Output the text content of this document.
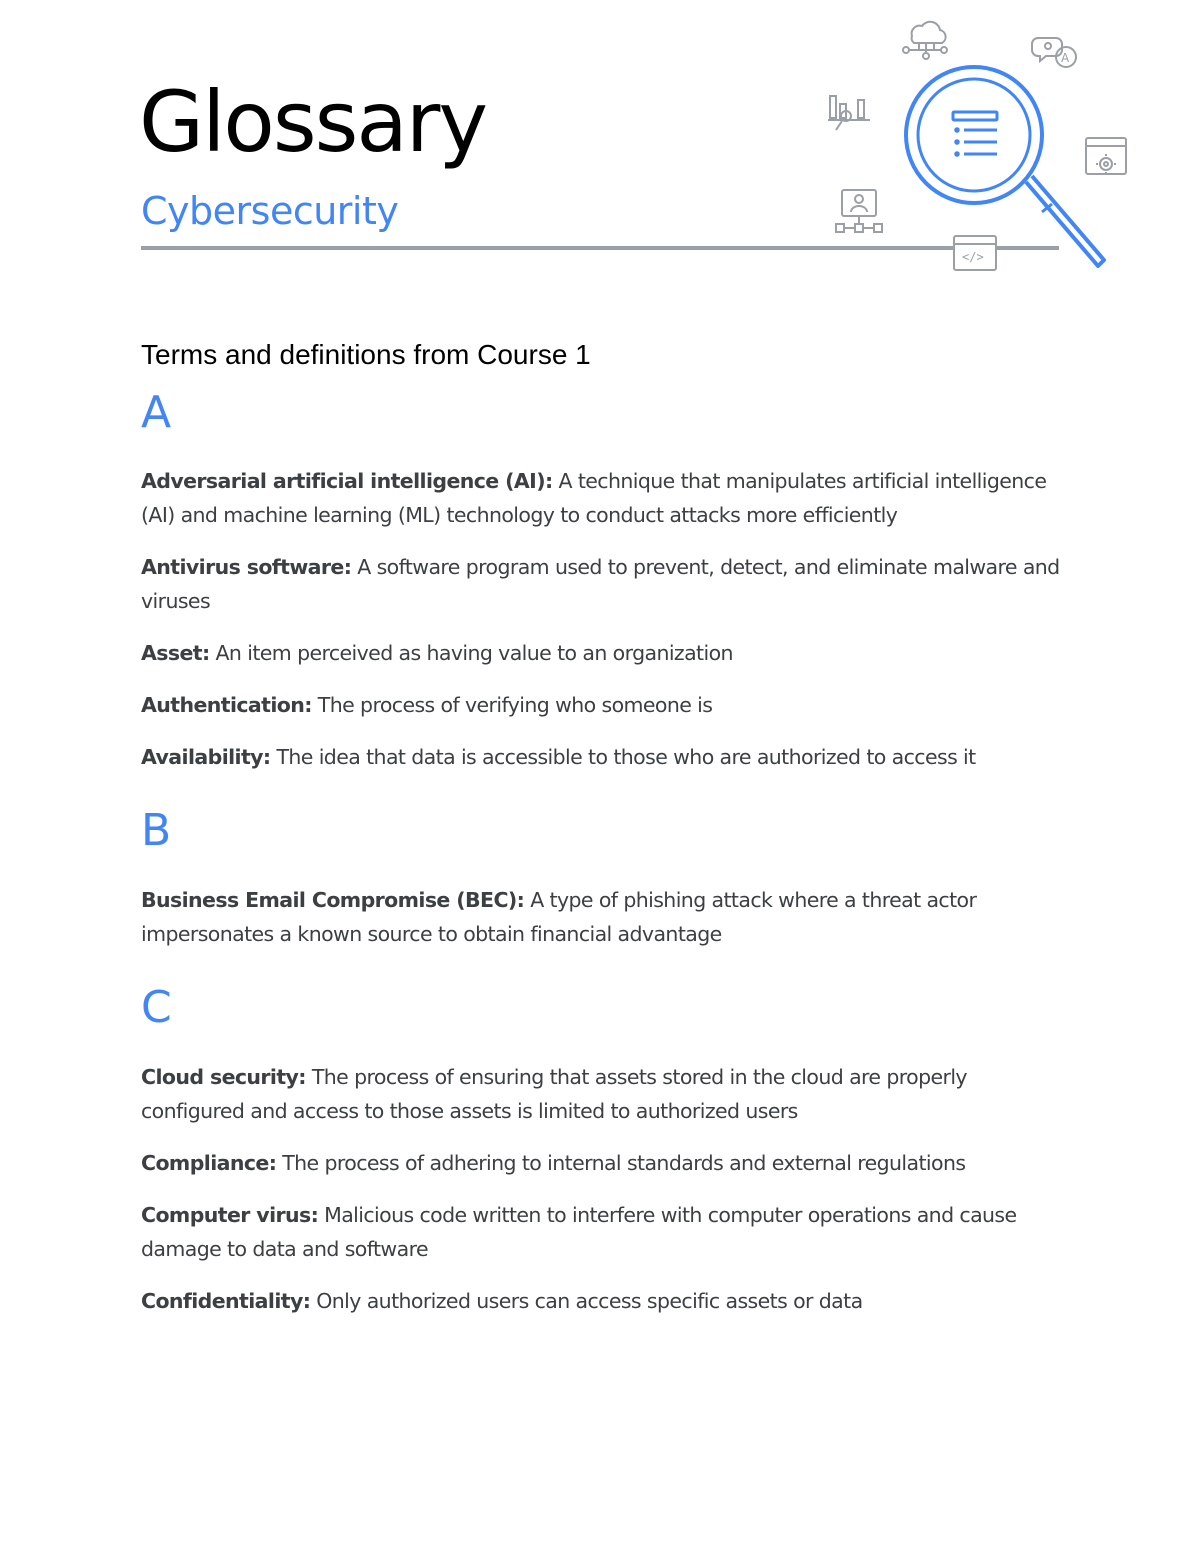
Glossary
Cybersecurity
A
</>
Terms and definitions from Course 1
A

Adversarial artificial intelligence (AI): A technique that manipulates artificial intelligence (AI) and machine learning (ML) technology to conduct attacks more efficiently

Antivirus software: A software program used to prevent, detect, and eliminate malware and viruses

Asset: An item perceived as having value to an organization

Authentication: The process of verifying who someone is

Availability: The idea that data is accessible to those who are authorized to access it

B

Business Email Compromise (BEC): A type of phishing attack where a threat actor impersonates a known source to obtain financial advantage

C

Cloud security: The process of ensuring that assets stored in the cloud are properly configured and access to those assets is limited to authorized users

Compliance: The process of adhering to internal standards and external regulations

Computer virus: Malicious code written to interfere with computer operations and cause damage to data and software

Confidentiality: Only authorized users can access specific assets or data
